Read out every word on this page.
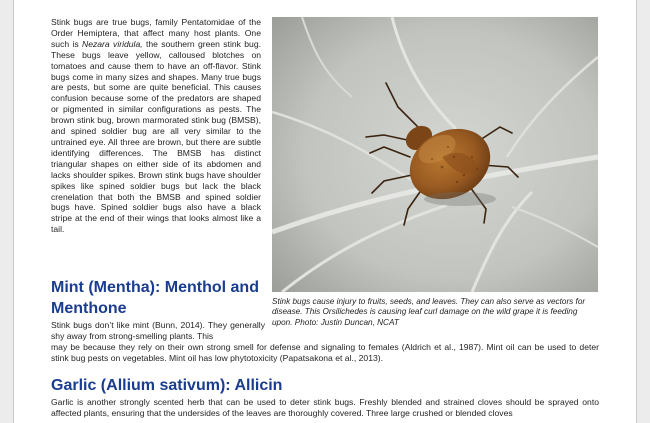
Stink bugs are true bugs, family Pentatomidae of the Order Hemiptera, that affect many host plants. One such is Nezara viridula, the southern green stink bug. These bugs leave yellow, calloused blotches on tomatoes and cause them to have an off-flavor. Stink bugs come in many sizes and shapes. Many true bugs are pests, but some are quite beneficial. This causes confusion because some of the predators are shaped or pigmented in similar configurations as pests. The brown stink bug, brown marmorated stink bug (BMSB), and spined soldier bug are all very similar to the untrained eye. All three are brown, but there are subtle identifying differences. The BMSB has distinct triangular shapes on either side of its abdomen and lacks shoulder spikes. Brown stink bugs have shoulder spikes like spined soldier bugs but lack the black crenelation that both the BMSB and spined soldier bugs have. Spined soldier bugs also have a black stripe at the end of their wings that looks almost like a tail.

Stink bugs cause injury to fruits, seeds, and leaves. They can also serve as vectors for disease. This Orsilichedes is causing leaf curl damage on the wild grape it is feeding upon. Photo: Justin Duncan, NCAT

Mint (Mentha): Menthol and Menthone

Stink bugs don’t like mint (Bunn, 2014). They generally shy away from strong-smelling plants. This

may be because they rely on their own strong smell for defense and signaling to females (Aldrich et al., 1987). Mint oil can be used to deter stink bug pests on vegetables. Mint oil has low phytotoxicity (Papatsakona et al., 2013).

Garlic (Allium sativum): Allicin

Garlic is another strongly scented herb that can be used to deter stink bugs. Freshly blended and strained cloves should be sprayed onto affected plants, ensuring that the undersides of the leaves are thoroughly covered. Three large crushed or blended cloves
